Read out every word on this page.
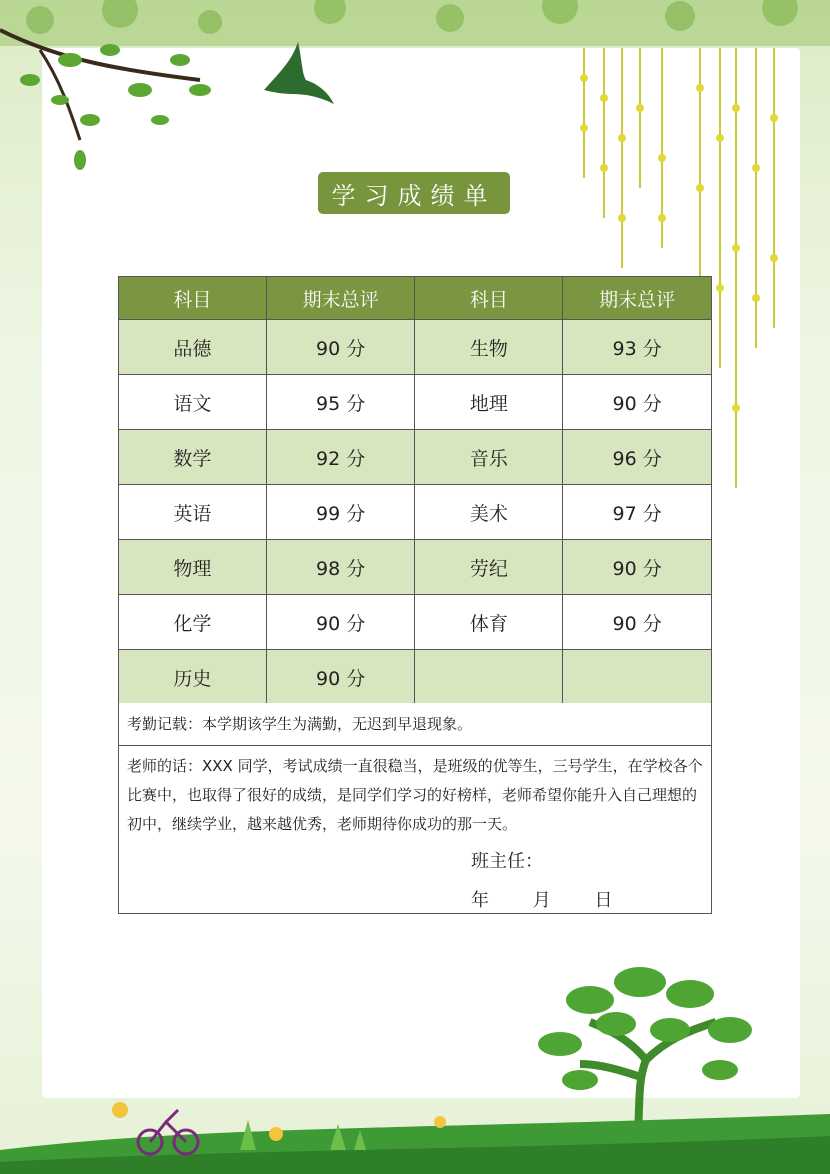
学习成绩单
科目	期末总评	科目	期末总评
品德	90 分	生物	93 分
语文	95 分	地理	90 分
数学	92 分	音乐	96 分
英语	99 分	美术	97 分
物理	98 分	劳纪	90 分
化学	90 分	体育	90 分
历史	90 分		
考勤记载：本学期该学生为满勤，无迟到早退现象。
老师的话：XXX 同学，考试成绩一直很稳当，是班级的优等生，三号学生，在学校各个比赛中，也取得了很好的成绩，是同学们学习的好榜样，老师希望你能升入自己理想的初中，继续学业，越来越优秀，老师期待你成功的那一天。
班主任：
年 月 日
